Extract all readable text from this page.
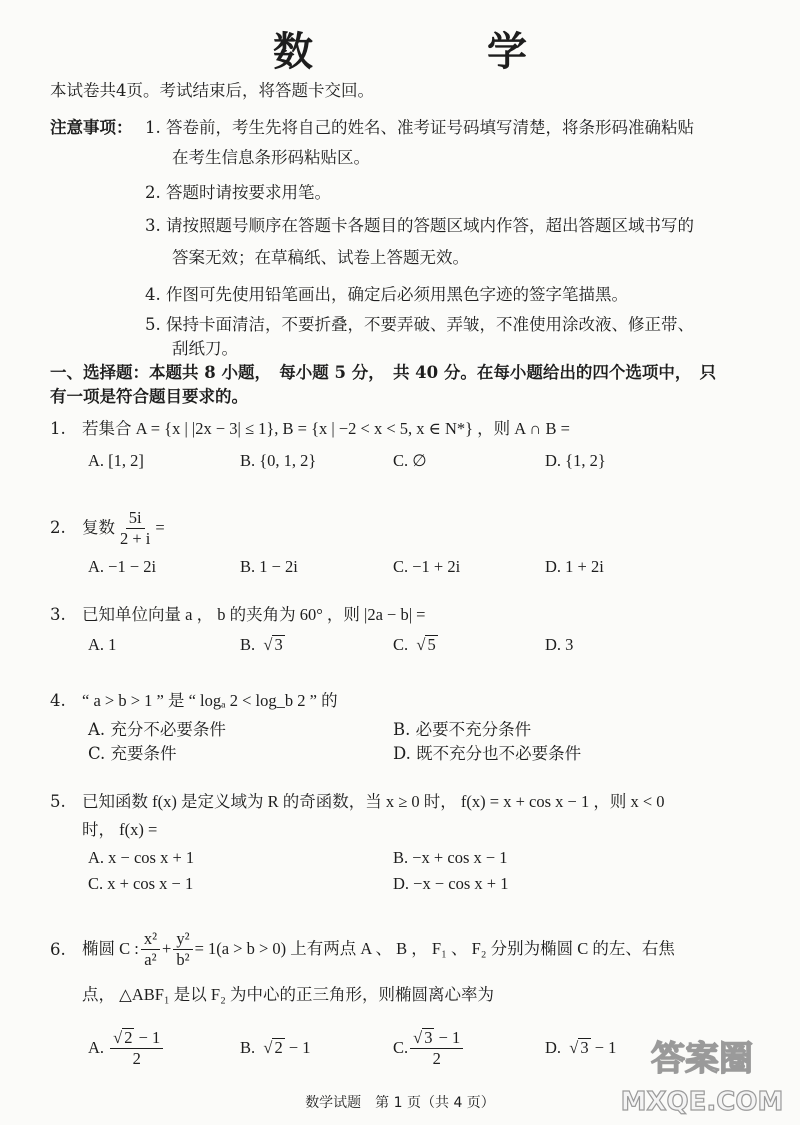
数 学
本试卷共4页。考试结束后，将答题卡交回。
注意事项： 1. 答卷前，考生先将自己的姓名、准考证号码填写清楚，将条形码准确粘贴
在考生信息条形码粘贴区。
2. 答题时请按要求用笔。
3. 请按照题号顺序在答题卡各题目的答题区域内作答，超出答题区域书写的
答案无效；在草稿纸、试卷上答题无效。
4. 作图可先使用铅笔画出，确定后必须用黑色字迹的签字笔描黑。
5. 保持卡面清洁，不要折叠，不要弄破、弄皱，不准使用涂改液、修正带、
刮纸刀。
一、选择题：本题共 8 小题，　每小题 5 分，　共 40 分。在每小题给出的四个选项中，　只
有一项是符合题目要求的。
1. 若集合 A = {x | |2x − 3| ≤ 1}, B = {x | −2 < x < 5, x ∈ N*} ，则 A ∩ B =
A. [1, 2]	B. {0, 1, 2}	C. ∅	D. {1, 2}
2. 复数 $\frac{5i}{2 + i}$ =
A. −1 − 2i	B. 1 − 2i	C. −1 + 2i	D. 1 + 2i
3. 已知单位向量 a ， b 的夹角为 60° ，则 |2a − b| =
A. 1	B. √ 3	C. √ 5	D. 3
4. “ a > b > 1 ” 是 “ logₐ 2 < log_b 2 ” 的
A. 充分不必要条件	B. 必要不充分条件
C. 充要条件	D. 既不充分也不必要条件
5. 已知函数 f(x) 是定义域为 R 的奇函数，当 x ≥ 0 时， f(x) = x + cos x − 1 ，则 x < 0
时， f(x) =
A. x − cos x + 1	B. −x + cos x − 1
C. x + cos x − 1	D. −x − cos x + 1
6. 椭圆 C : $\frac{\text{x²}}{\text{a²}} + \frac{\text{y²}}{\text{b²}} = 1(a > b > 0)$ 上有两点 A 、 B ， F₁ 、 F₂ 分别为椭圆 C 的左、右焦
点， △ABF₁ 是以 F₂ 为中心的正三角形，则椭圆离心率为
A.
$\frac{√ 2 - 1}{2}$	B. √ 2 − 1	C. $\frac{√ 3 - 1}{2}$	D. √ 3 − 1
数学试题　第 1 页（共 4 页）
答案圈
MXQE.COM
